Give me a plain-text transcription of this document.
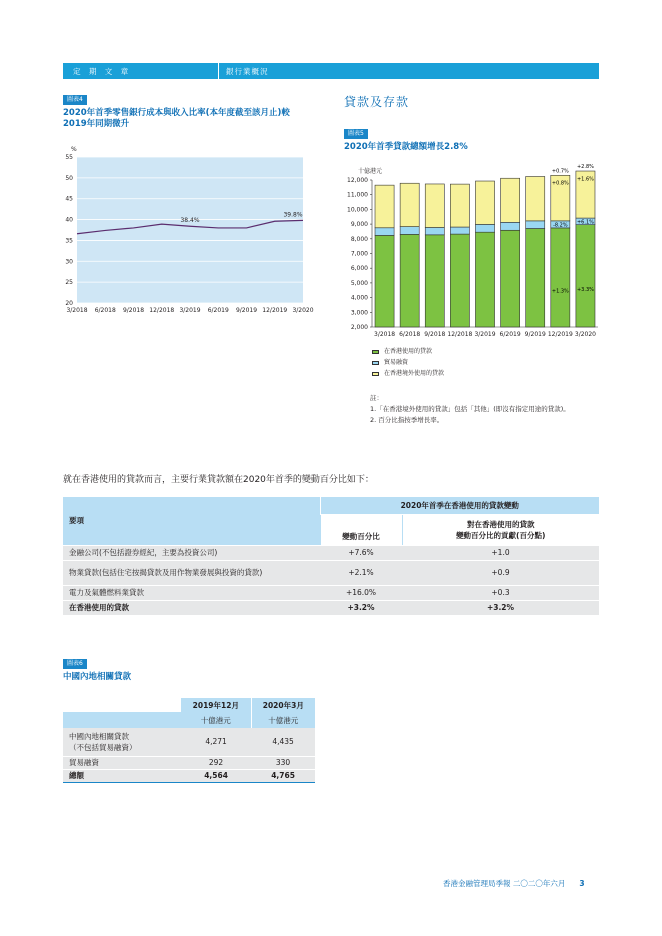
定 期 文 章	銀行業概況
圖表4
2020年首季零售銀行成本與收入比率(本年度截至該月止)較2019年同期微升
20
25
30
35
40
45
50
55
%
3/2018 6/2018 9/2018 12/2018 3/2019 6/2019 9/2019 12/2019 3/2020
38.4%
39.8%
貸款及存款
圖表5
2020年首季貸款總額增長2.8%
十億港元
2,000
3,000
4,000
5,000
6,000
7,000
8,000
9,000
10,000
11,000
12,000
3/2018 6/2018 9/2018 12/2018 3/2019 6/2019 9/2019 12/2019 3/2020
+0.7%
+2.8%
+0.8%
+1.6%
-8.2%
+6.1%
+1.3% +3.3%
在香港使用的貸款
貿易融資
在香港境外使用的貸款
註：

1.「在香港境外使用的貸款」包括「其他」(即沒有指定用途的貸款)。

2. 百分比指按季增長率。

就在香港使用的貸款而言，主要行業貸款額在2020年首季的變動百分比如下：
要項	2020年首季在香港使用的貸款變動	
	變動百分比	對在香港使用的貸款
變動百分比的貢獻(百分點)
金融公司(不包括證券經紀，主要為投資公司)	+7.6%	+1.0
物業貸款(包括住宅按揭貸款及用作物業發展與投資的貸款)	+2.1%	+0.9
電力及氣體燃料業貸款	+16.0%	+0.3
在香港使用的貸款	+3.2%	+3.2%
圖表6
中國內地相關貸款
	2019年12月	2020年3月
	十億港元	十億港元
中國內地相關貸款
（不包括貿易融資）	4,271	4,435
貿易融資	292	330
總額	4,564	4,765
香港金融管理局季報 二〇二〇年六月 3
